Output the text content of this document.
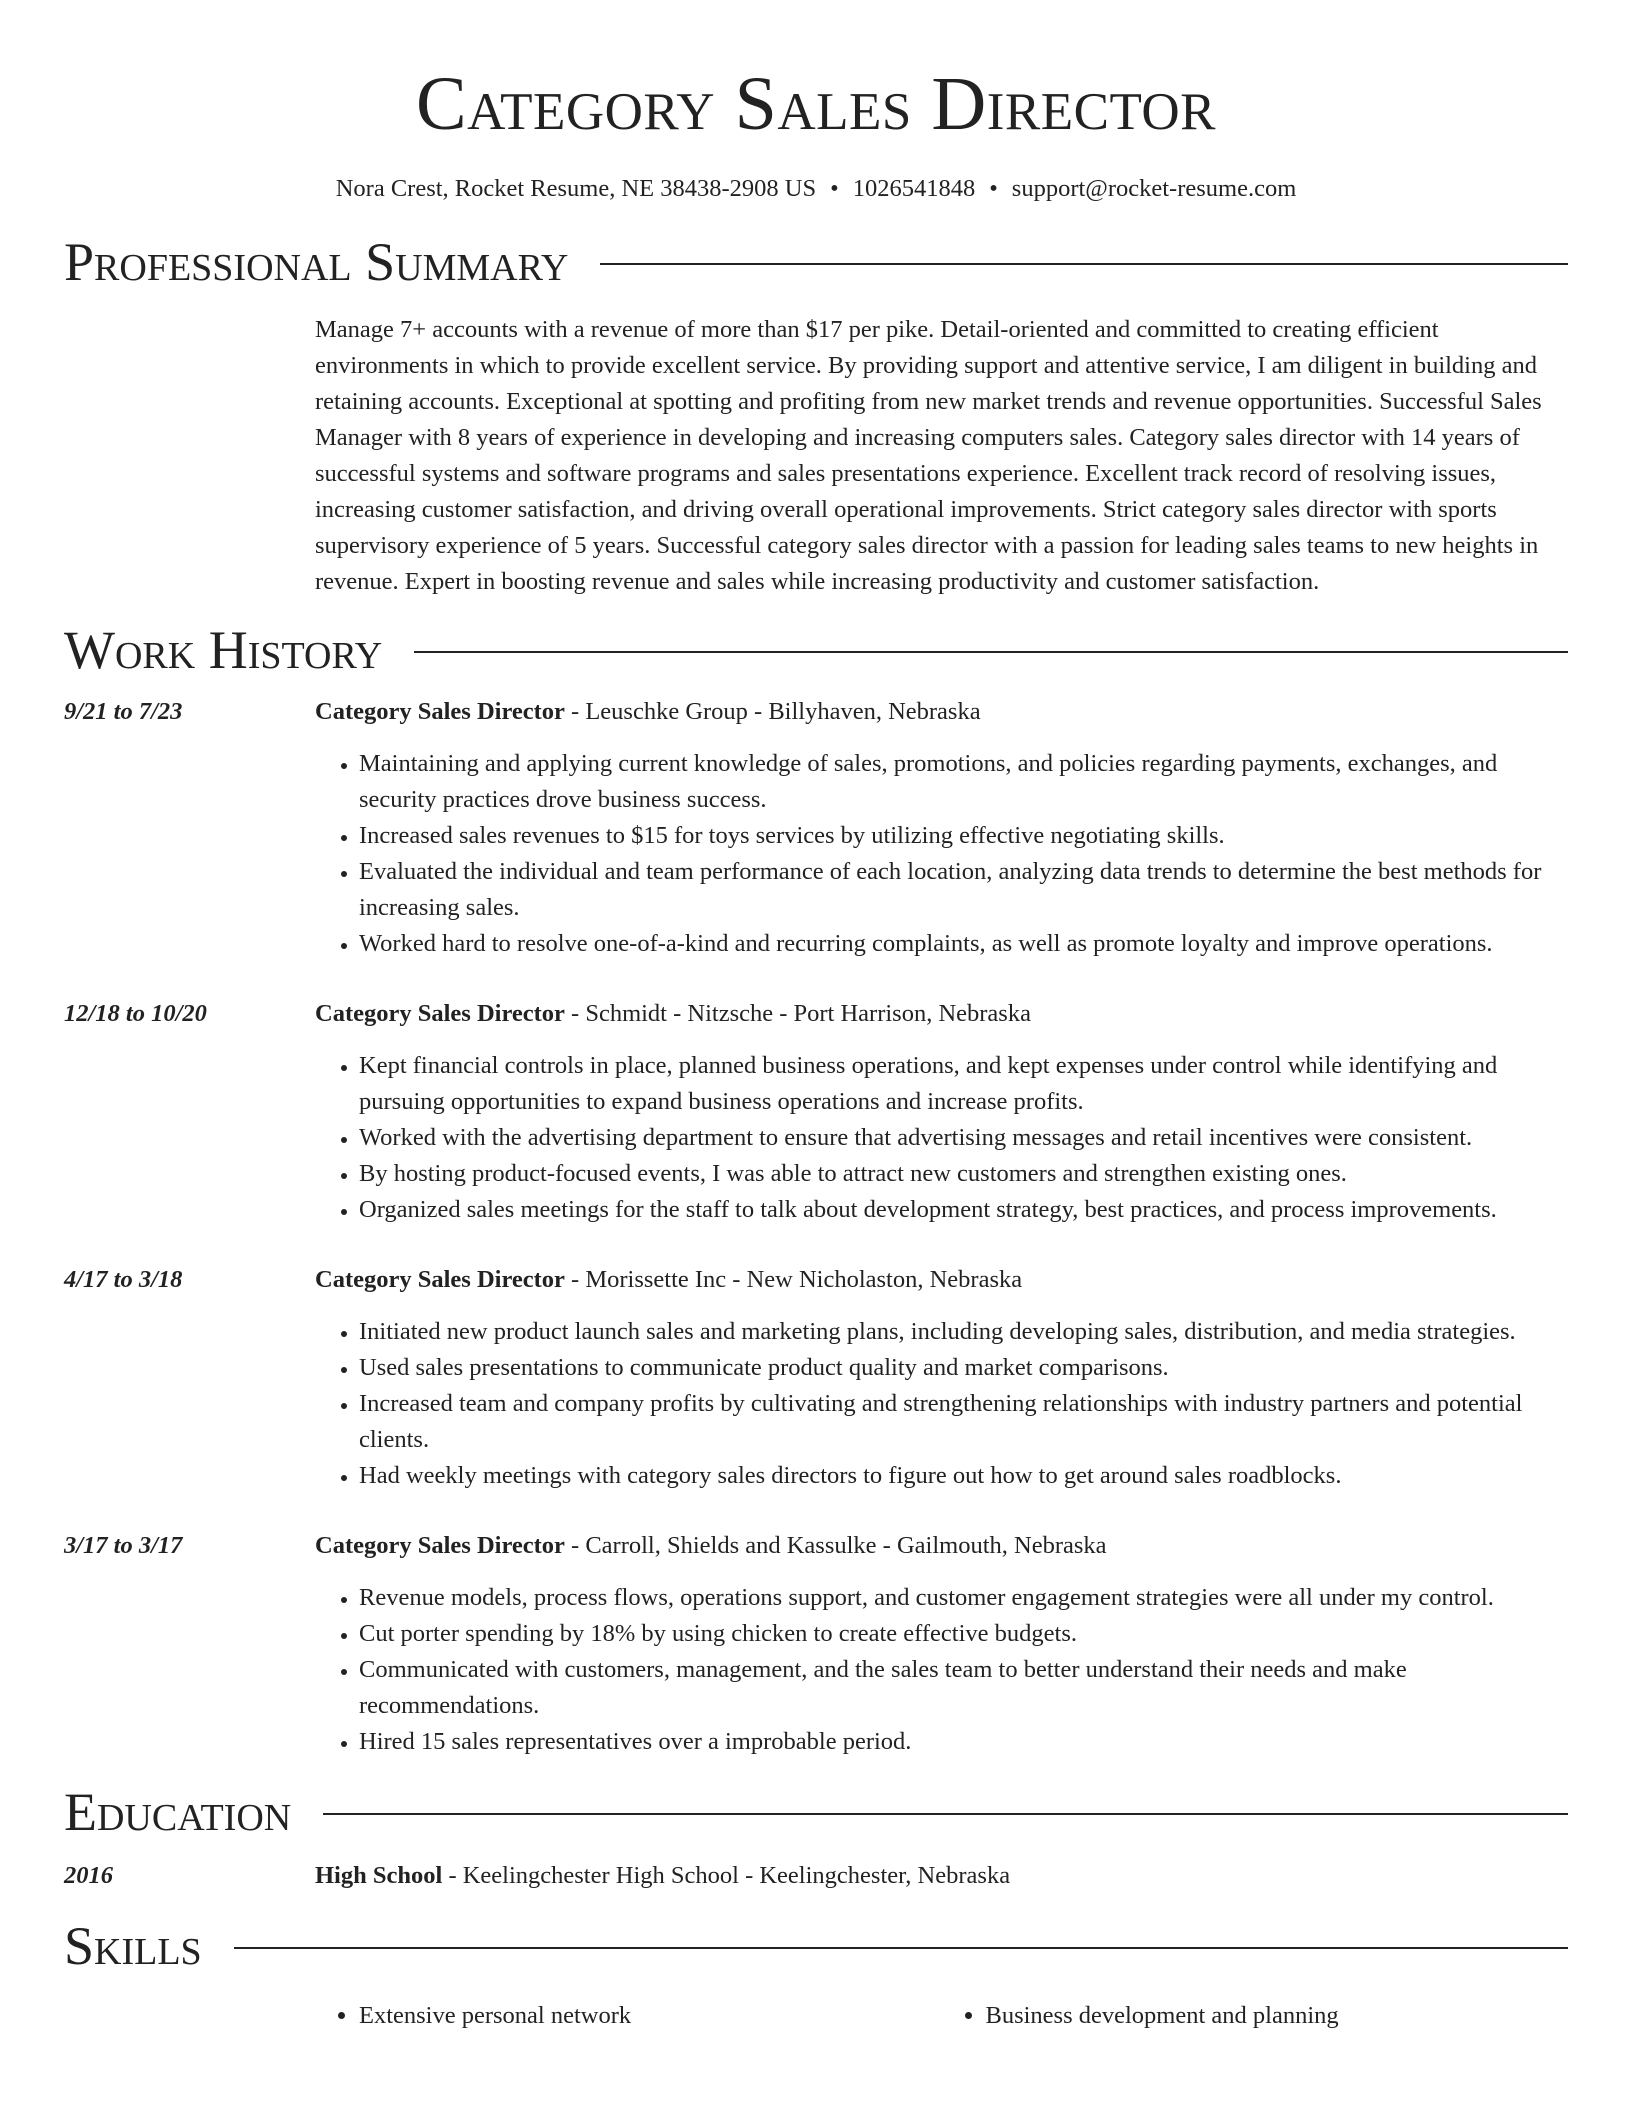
Category Sales Director
Nora Crest, Rocket Resume, NE 38438-2908 US • 1026541848 • support@rocket-resume.com
Professional Summary
Manage 7+ accounts with a revenue of more than $17 per pike. Detail-oriented and committed to creating efficient environments in which to provide excellent service. By providing support and attentive service, I am diligent in building and retaining accounts. Exceptional at spotting and profiting from new market trends and revenue opportunities. Successful Sales Manager with 8 years of experience in developing and increasing computers sales. Category sales director with 14 years of successful systems and software programs and sales presentations experience. Excellent track record of resolving issues, increasing customer satisfaction, and driving overall operational improvements. Strict category sales director with sports supervisory experience of 5 years. Successful category sales director with a passion for leading sales teams to new heights in revenue. Expert in boosting revenue and sales while increasing productivity and customer satisfaction.
Work History
9/21 to 7/23	Category Sales Director - Leuschke Group - Billyhaven, Nebraska
• Maintaining and applying current knowledge of sales, promotions, and policies regarding payments, exchanges, and security practices drove business success.
• Increased sales revenues to $15 for toys services by utilizing effective negotiating skills.
• Evaluated the individual and team performance of each location, analyzing data trends to determine the best methods for increasing sales.
• Worked hard to resolve one-of-a-kind and recurring complaints, as well as promote loyalty and improve operations.
12/18 to 10/20	Category Sales Director - Schmidt - Nitzsche - Port Harrison, Nebraska
• Kept financial controls in place, planned business operations, and kept expenses under control while identifying and pursuing opportunities to expand business operations and increase profits.
• Worked with the advertising department to ensure that advertising messages and retail incentives were consistent.
• By hosting product-focused events, I was able to attract new customers and strengthen existing ones.
• Organized sales meetings for the staff to talk about development strategy, best practices, and process improvements.
4/17 to 3/18	Category Sales Director - Morissette Inc - New Nicholaston, Nebraska
• Initiated new product launch sales and marketing plans, including developing sales, distribution, and media strategies.
• Used sales presentations to communicate product quality and market comparisons.
• Increased team and company profits by cultivating and strengthening relationships with industry partners and potential clients.
• Had weekly meetings with category sales directors to figure out how to get around sales roadblocks.
3/17 to 3/17	Category Sales Director - Carroll, Shields and Kassulke - Gailmouth, Nebraska
• Revenue models, process flows, operations support, and customer engagement strategies were all under my control.
• Cut porter spending by 18% by using chicken to create effective budgets.
• Communicated with customers, management, and the sales team to better understand their needs and make recommendations.
• Hired 15 sales representatives over a improbable period.
Education
2016	High School - Keelingchester High School - Keelingchester, Nebraska
Skills
• Extensive personal network
•	Business development and planning
